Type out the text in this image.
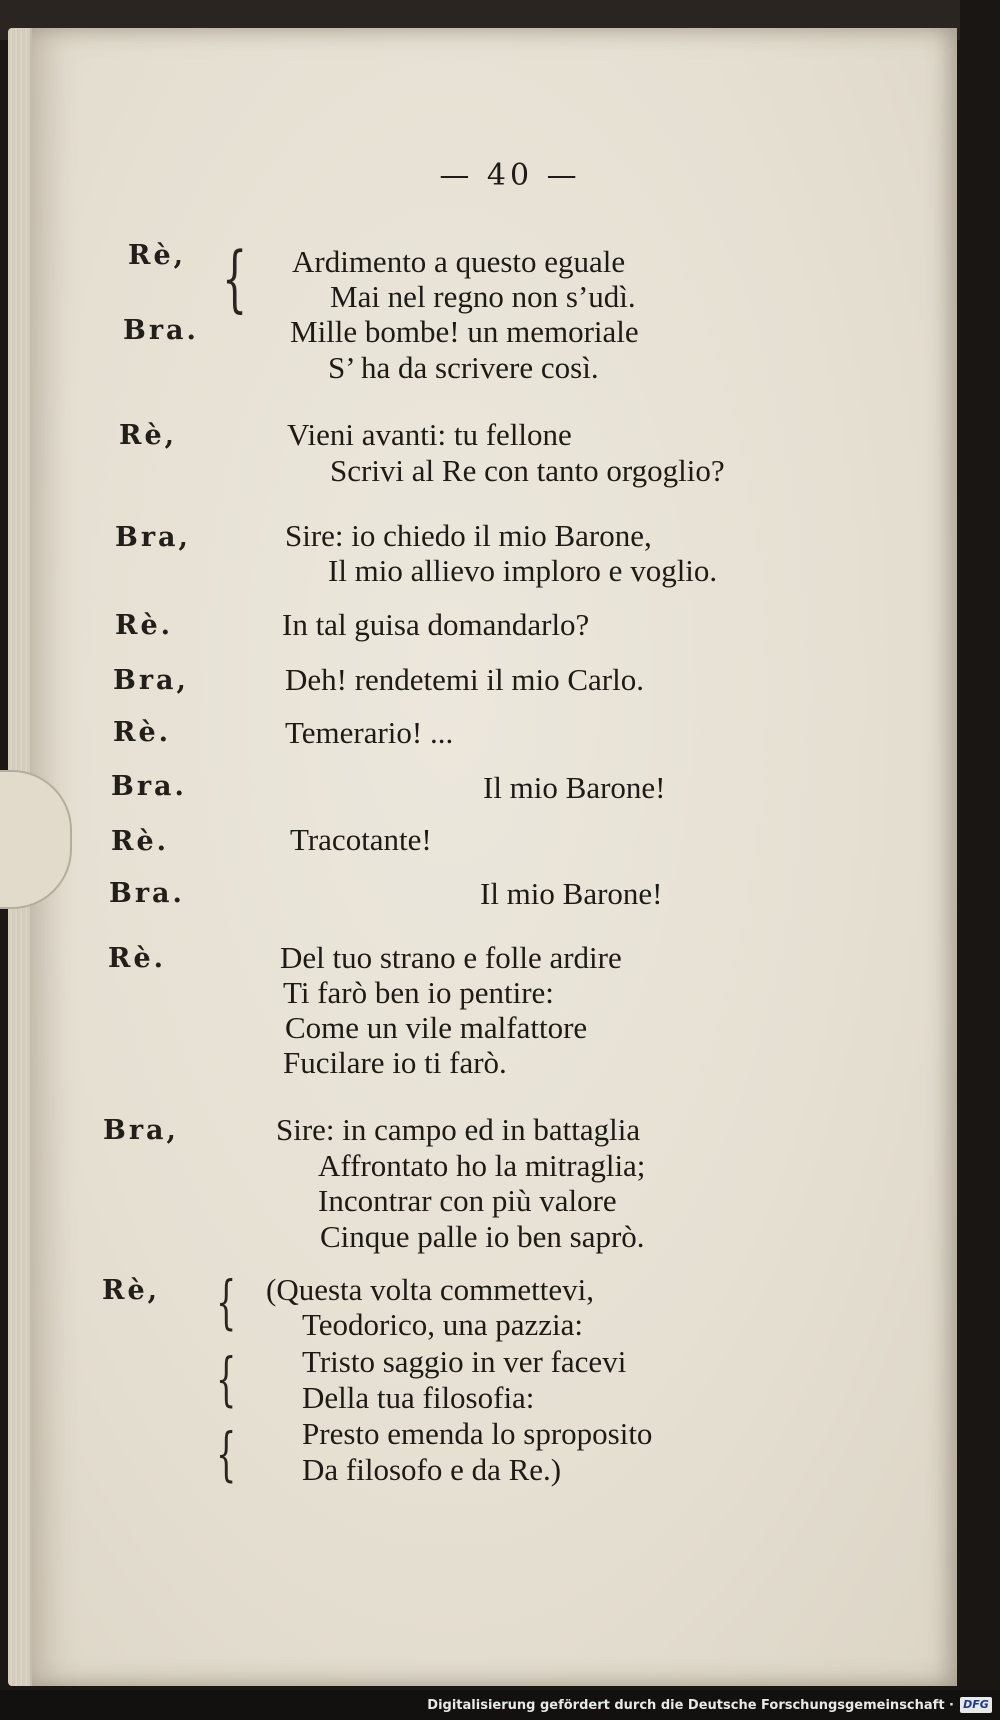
— 40 —
Rè,
Bra.
Rè,
Bra,
Rè.
Bra,
Rè.
Bra.
Rè.
Bra.
Rè.
Bra,
Rè,
{
{
{
{
Ardimento a questo eguale
Mai nel regno non s’udì.
Mille bombe! un memoriale
S’ ha da scrivere così.
Vieni avanti: tu fellone
Scrivi al Re con tanto orgoglio?
Sire: io chiedo il mio Barone,
Il mio allievo imploro e voglio.
In tal guisa domandarlo?
Deh! rendetemi il mio Carlo.
Temerario! ...
Il mio Barone!
Tracotante!
Il mio Barone!
Del tuo strano e folle ardire
Ti farò ben io pentire:
Come un vile malfattore
Fucilare io ti farò.
Sire: in campo ed in battaglia
Affrontato ho la mitraglia;
Incontrar con più valore
Cinque palle io ben saprò.
(Questa volta commettevi,
Teodorico, una pazzia:
Tristo saggio in ver facevi
Della tua filosofia:
Presto emenda lo sproposito
Da filosofo e da Re.)
Digitalisierung gefördert durch die Deutsche Forschungsgemeinschaft · DFG
